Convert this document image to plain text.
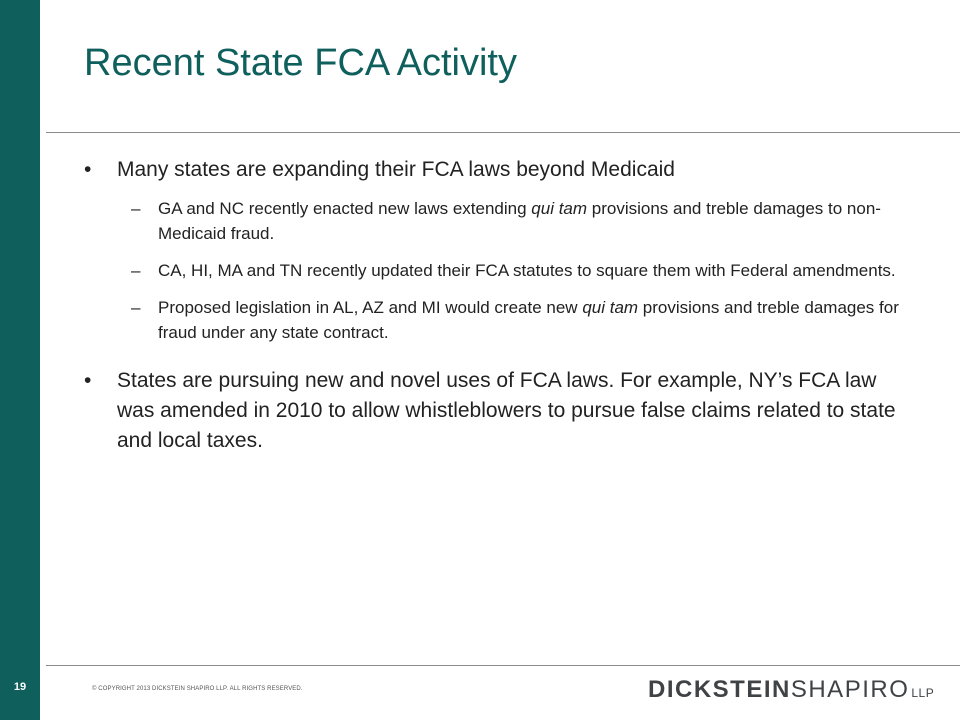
19
Recent State FCA Activity
•	Many states are expanding their FCA laws beyond Medicaid
–	GA and NC recently enacted new laws extending qui tam provisions and treble damages to non-Medicaid fraud.
–	CA, HI, MA and TN recently updated their FCA statutes to square them with Federal amendments.
–	Proposed legislation in AL, AZ and MI would create new qui tam provisions and treble damages for fraud under any state contract.
•	States are pursuing new and novel uses of FCA laws. For example, NY’s FCA law was amended in 2010 to allow whistleblowers to pursue false claims related to state and local taxes.
© COPYRIGHT 2013 DICKSTEIN SHAPIRO LLP. ALL RIGHTS RESERVED.	DICKSTEINSHAPIRO LLP
